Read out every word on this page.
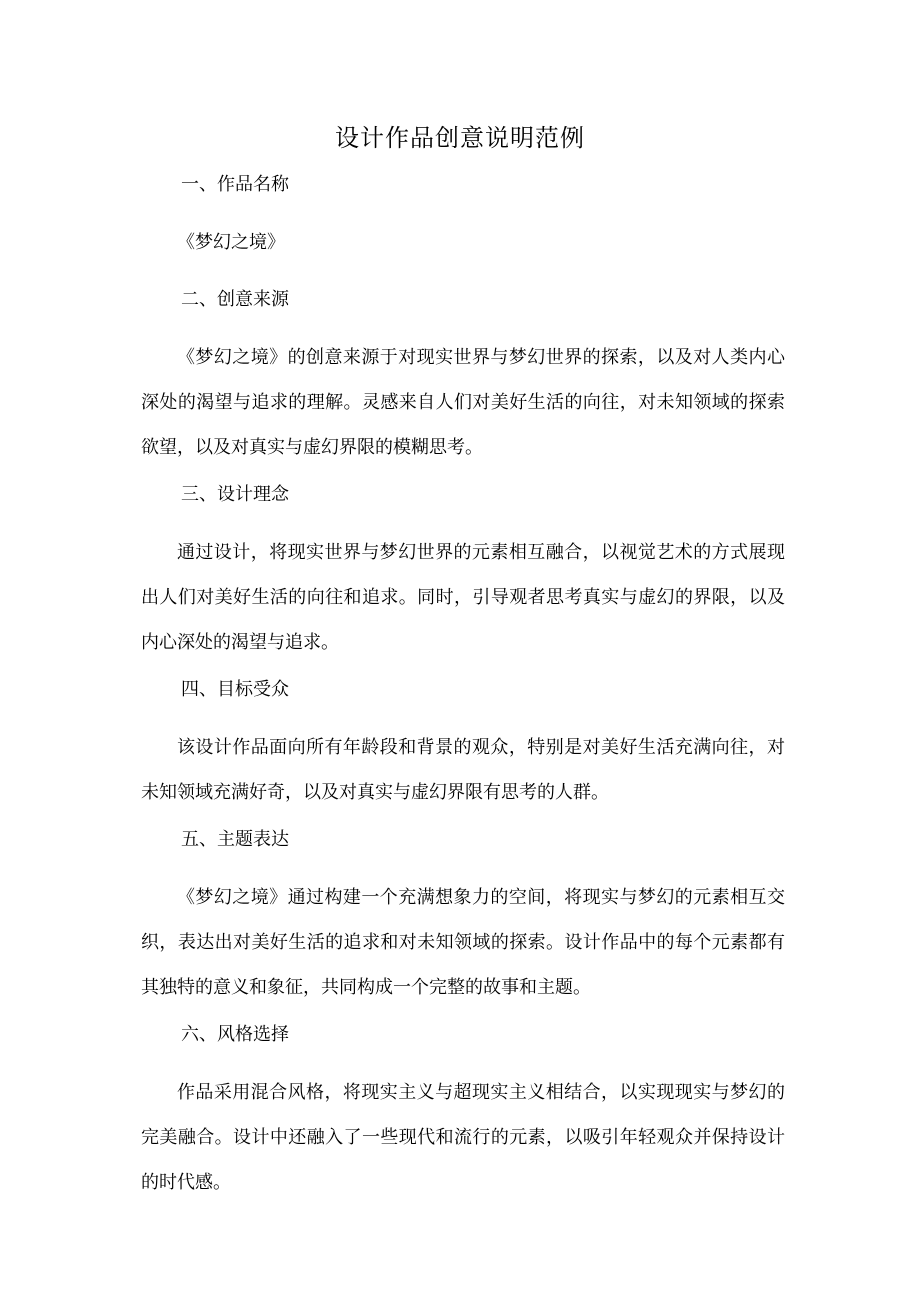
设计作品创意说明范例
一、作品名称
《梦幻之境》
二、创意来源
《梦幻之境》的创意来源于对现实世界与梦幻世界的探索，以及对人类内心深处的渴望与追求的理解。灵感来自人们对美好生活的向往，对未知领域的探索欲望，以及对真实与虚幻界限的模糊思考。
三、设计理念
通过设计，将现实世界与梦幻世界的元素相互融合，以视觉艺术的方式展现出人们对美好生活的向往和追求。同时，引导观者思考真实与虚幻的界限，以及内心深处的渴望与追求。
四、目标受众
该设计作品面向所有年龄段和背景的观众，特别是对美好生活充满向往，对未知领域充满好奇，以及对真实与虚幻界限有思考的人群。
五、主题表达
《梦幻之境》通过构建一个充满想象力的空间，将现实与梦幻的元素相互交织，表达出对美好生活的追求和对未知领域的探索。设计作品中的每个元素都有其独特的意义和象征，共同构成一个完整的故事和主题。
六、风格选择
作品采用混合风格，将现实主义与超现实主义相结合，以实现现实与梦幻的完美融合。设计中还融入了一些现代和流行的元素，以吸引年轻观众并保持设计的时代感。
